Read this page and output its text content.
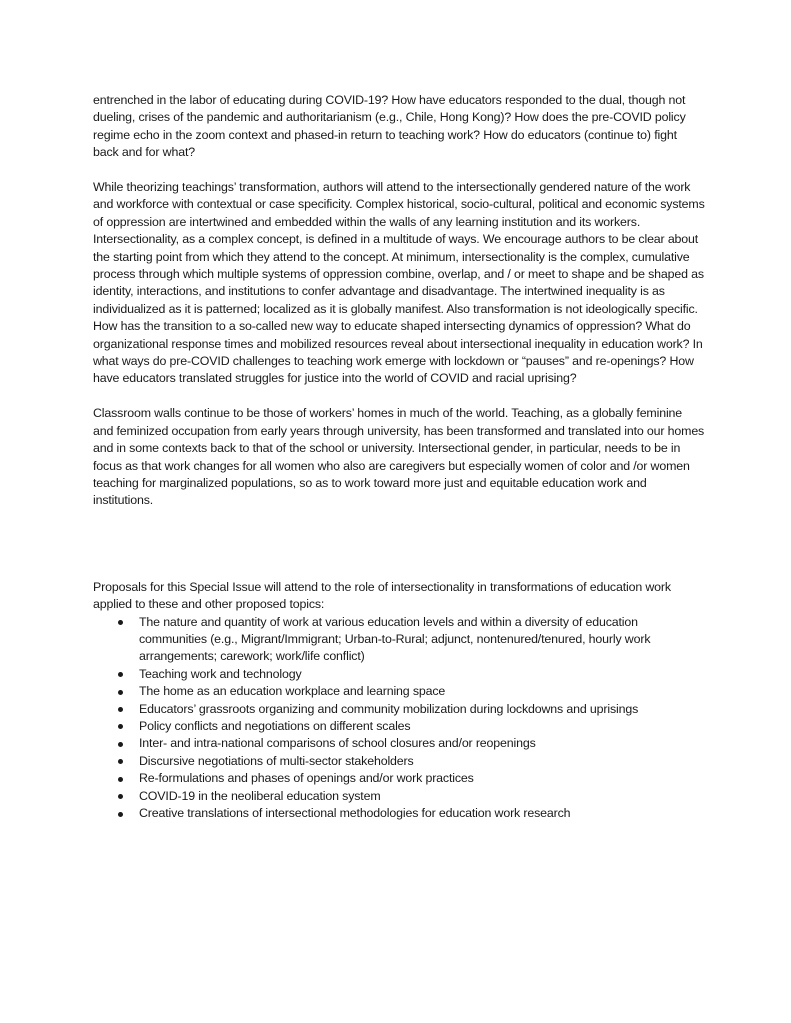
entrenched in the labor of educating during COVID-19? How have educators responded to the dual, though not dueling, crises of the pandemic and authoritarianism (e.g., Chile, Hong Kong)? How does the pre-COVID policy regime echo in the zoom context and phased-in return to teaching work? How do educators (continue to) fight back and for what?

While theorizing teachings’ transformation, authors will attend to the intersectionally gendered nature of the work and workforce with contextual or case specificity. Complex historical, socio-cultural, political and economic systems of oppression are intertwined and embedded within the walls of any learning institution and its workers. Intersectionality, as a complex concept, is defined in a multitude of ways. We encourage authors to be clear about the starting point from which they attend to the concept. At minimum, intersectionality is the complex, cumulative process through which multiple systems of oppression combine, overlap, and / or meet to shape and be shaped as identity, interactions, and institutions to confer advantage and disadvantage. The intertwined inequality is as individualized as it is patterned; localized as it is globally manifest. Also transformation is not ideologically specific. How has the transition to a so-called new way to educate shaped intersecting dynamics of oppression? What do organizational response times and mobilized resources reveal about intersectional inequality in education work? In what ways do pre-COVID challenges to teaching work emerge with lockdown or “pauses” and re-openings? How have educators translated struggles for justice into the world of COVID and racial uprising?

Classroom walls continue to be those of workers’ homes in much of the world. Teaching, as a globally feminine and feminized occupation from early years through university, has been transformed and translated into our homes and in some contexts back to that of the school or university. Intersectional gender, in particular, needs to be in focus as that work changes for all women who also are caregivers but especially women of color and /or women teaching for marginalized populations, so as to work toward more just and equitable education work and institutions.

Proposals for this Special Issue will attend to the role of intersectionality in transformations of education work applied to these and other proposed topics:

The nature and quantity of work at various education levels and within a diversity of education communities (e.g., Migrant/Immigrant; Urban-to-Rural; adjunct, nontenured/tenured, hourly work arrangements; carework; work/life conflict)
Teaching work and technology
The home as an education workplace and learning space
Educators’ grassroots organizing and community mobilization during lockdowns and uprisings
Policy conflicts and negotiations on different scales
Inter- and intra-national comparisons of school closures and/or reopenings
Discursive negotiations of multi-sector stakeholders
Re-formulations and phases of openings and/or work practices
COVID-19 in the neoliberal education system
Creative translations of intersectional methodologies for education work research
